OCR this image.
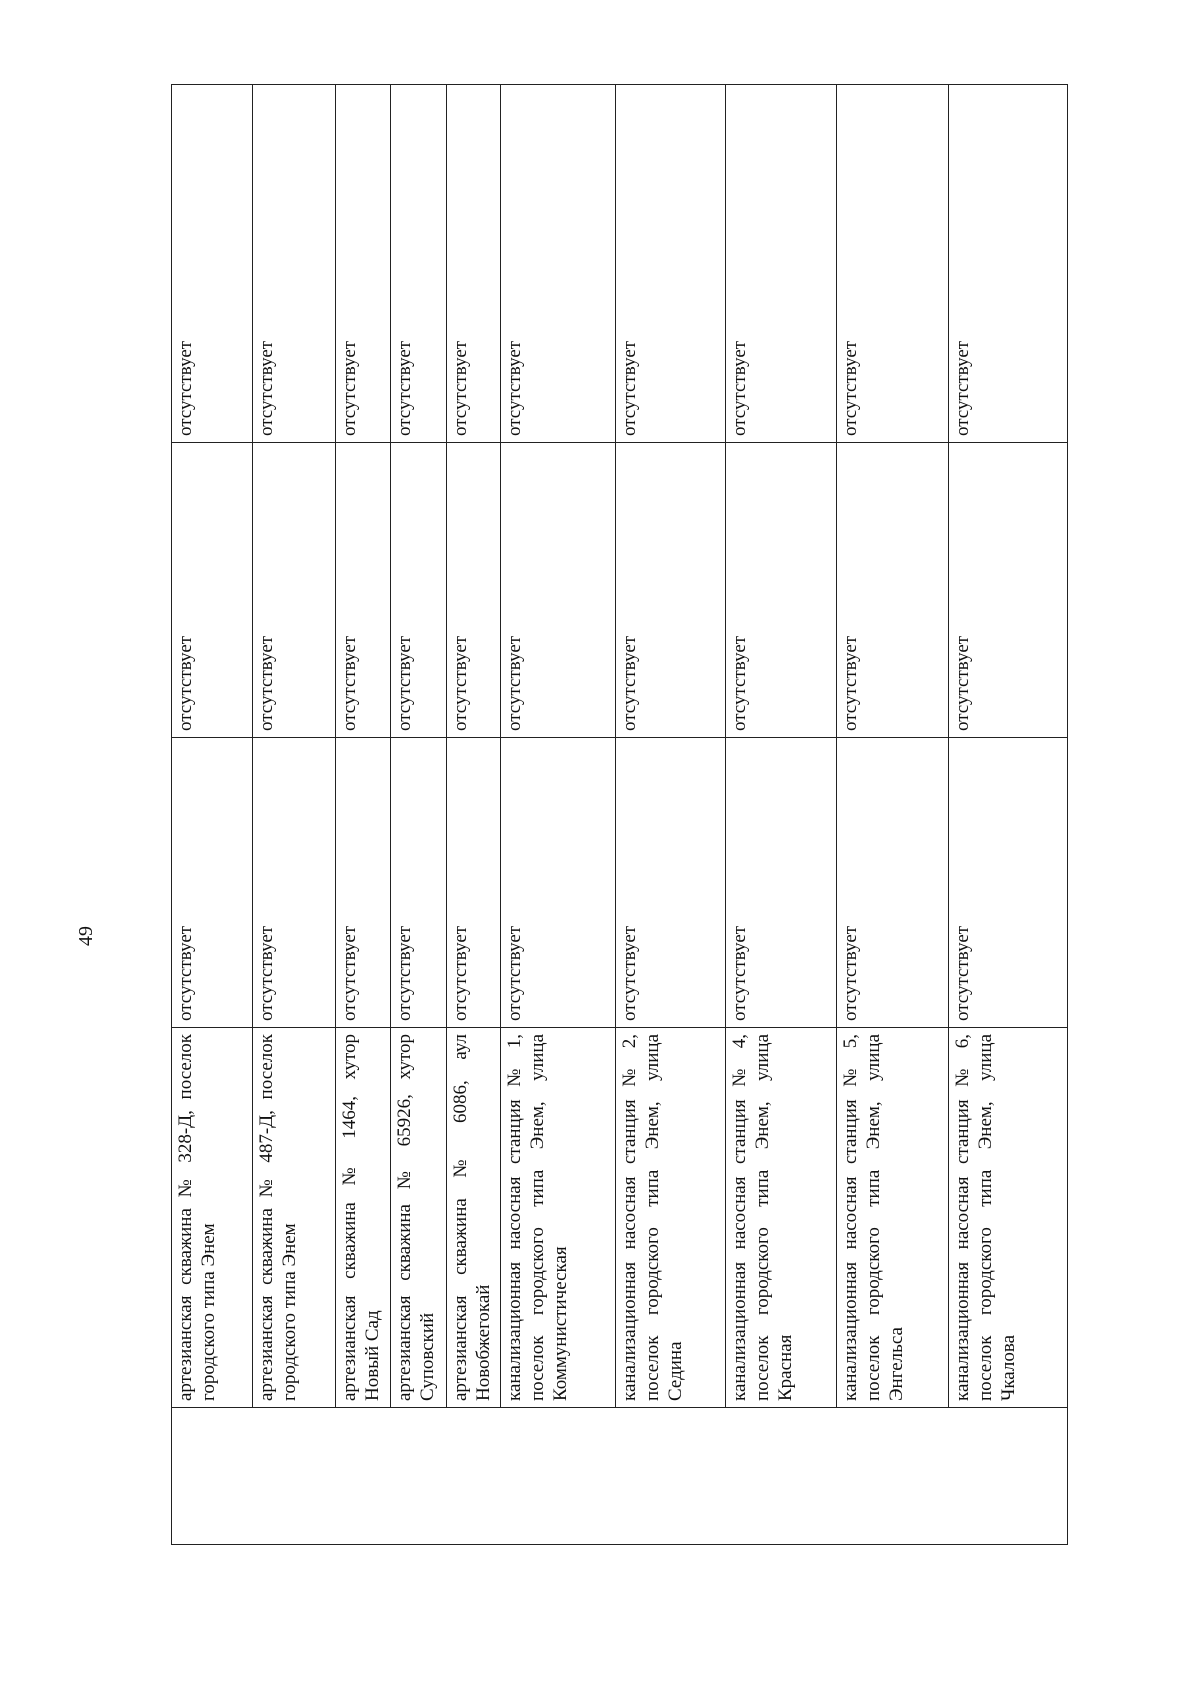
49
	артезианская скважина № 328-Д, поселок городского типа Энем	отсутствует	отсутствует	отсутствует
	артезианская скважина № 487-Д, поселок городского типа Энем	отсутствует	отсутствует	отсутствует
	артезианская скважина № 1464, хутор Новый Сад	отсутствует	отсутствует	отсутствует
	артезианская скважина № 65926, хутор Суповский	отсутствует	отсутствует	отсутствует
	артезианская скважина № 6086, аул Новобжегокай	отсутствует	отсутствует	отсутствует
	канализационная насосная станция № 1, поселок городского типа Энем, улица Коммунистическая	отсутствует	отсутствует	отсутствует
	канализационная насосная станция № 2, поселок городского типа Энем, улица Седина	отсутствует	отсутствует	отсутствует
	канализационная насосная станция № 4, поселок городского типа Энем, улица Красная	отсутствует	отсутствует	отсутствует
	канализационная насосная станция № 5, поселок городского типа Энем, улица Энгельса	отсутствует	отсутствует	отсутствует
	канализационная насосная станция № 6, поселок городского типа Энем, улица Чкалова	отсутствует	отсутствует	отсутствует
